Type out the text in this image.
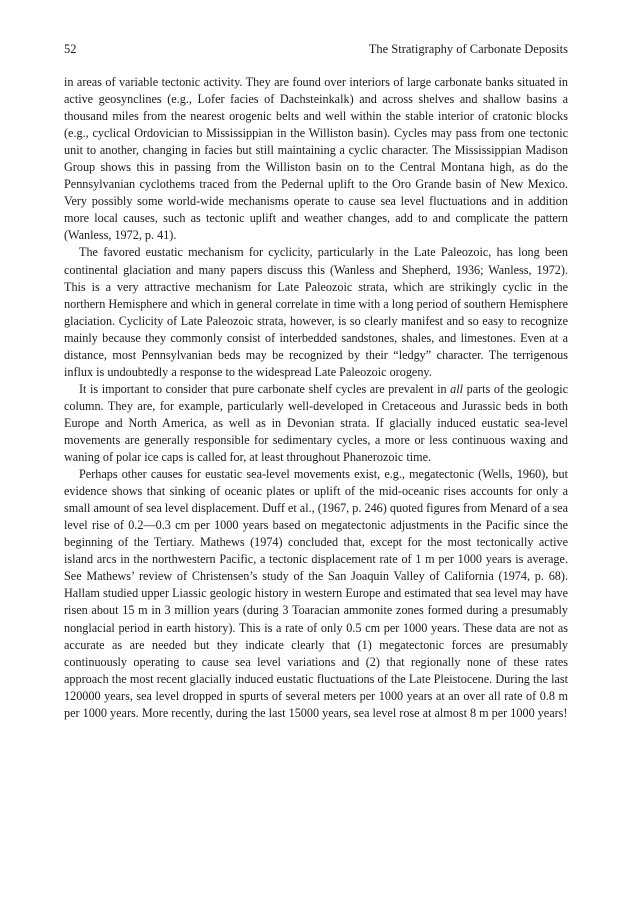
52	The Stratigraphy of Carbonate Deposits

in areas of variable tectonic activity. They are found over interiors of large carbonate banks situated in active geosynclines (e.g., Lofer facies of Dachsteinkalk) and across shelves and shallow basins a thousand miles from the nearest orogenic belts and well within the stable interior of cratonic blocks (e.g., cyclical Ordovician to Mississippian in the Williston basin). Cycles may pass from one tectonic unit to another, changing in facies but still maintaining a cyclic character. The Mississippian Madison Group shows this in passing from the Williston basin on to the Central Montana high, as do the Pennsylvanian cyclothems traced from the Pedernal uplift to the Oro Grande basin of New Mexico. Very possibly some world-wide mechanisms operate to cause sea level fluctuations and in addition more local causes, such as tectonic uplift and weather changes, add to and complicate the pattern (Wanless, 1972, p. 41).

The favored eustatic mechanism for cyclicity, particularly in the Late Paleozoic, has long been continental glaciation and many papers discuss this (Wanless and Shepherd, 1936; Wanless, 1972). This is a very attractive mechanism for Late Paleozoic strata, which are strikingly cyclic in the northern Hemisphere and which in general correlate in time with a long period of southern Hemisphere glaciation. Cyclicity of Late Paleozoic strata, however, is so clearly manifest and so easy to recognize mainly because they commonly consist of interbedded sandstones, shales, and limestones. Even at a distance, most Pennsylvanian beds may be recognized by their “ledgy” character. The terrigenous influx is undoubtedly a response to the widespread Late Paleozoic orogeny.

It is important to consider that pure carbonate shelf cycles are prevalent in all parts of the geologic column. They are, for example, particularly well-developed in Cretaceous and Jurassic beds in both Europe and North America, as well as in Devonian strata. If glacially induced eustatic sea-level movements are generally responsible for sedimentary cycles, a more or less continuous waxing and waning of polar ice caps is called for, at least throughout Phanerozoic time.

Perhaps other causes for eustatic sea-level movements exist, e.g., megatectonic (Wells, 1960), but evidence shows that sinking of oceanic plates or uplift of the mid-oceanic rises accounts for only a small amount of sea level displacement. Duff et al., (1967, p. 246) quoted figures from Menard of a sea level rise of 0.2—0.3 cm per 1000 years based on megatectonic adjustments in the Pacific since the beginning of the Tertiary. Mathews (1974) concluded that, except for the most tectonically active island arcs in the northwestern Pacific, a tectonic displacement rate of 1 m per 1000 years is average. See Mathews’ review of Christensen’s study of the San Joaquin Valley of California (1974, p. 68). Hallam studied upper Liassic geologic history in western Europe and estimated that sea level may have risen about 15 m in 3 million years (during 3 Toaracian ammonite zones formed during a presumably nonglacial period in earth history). This is a rate of only 0.5 cm per 1000 years. These data are not as accurate as are needed but they indicate clearly that (1) megatectonic forces are presumably continuously operating to cause sea level variations and (2) that regionally none of these rates approach the most recent glacially induced eustatic fluctuations of the Late Pleistocene. During the last 120000 years, sea level dropped in spurts of several meters per 1000 years at an over all rate of 0.8 m per 1000 years. More recently, during the last 15000 years, sea level rose at almost 8 m per 1000 years!
